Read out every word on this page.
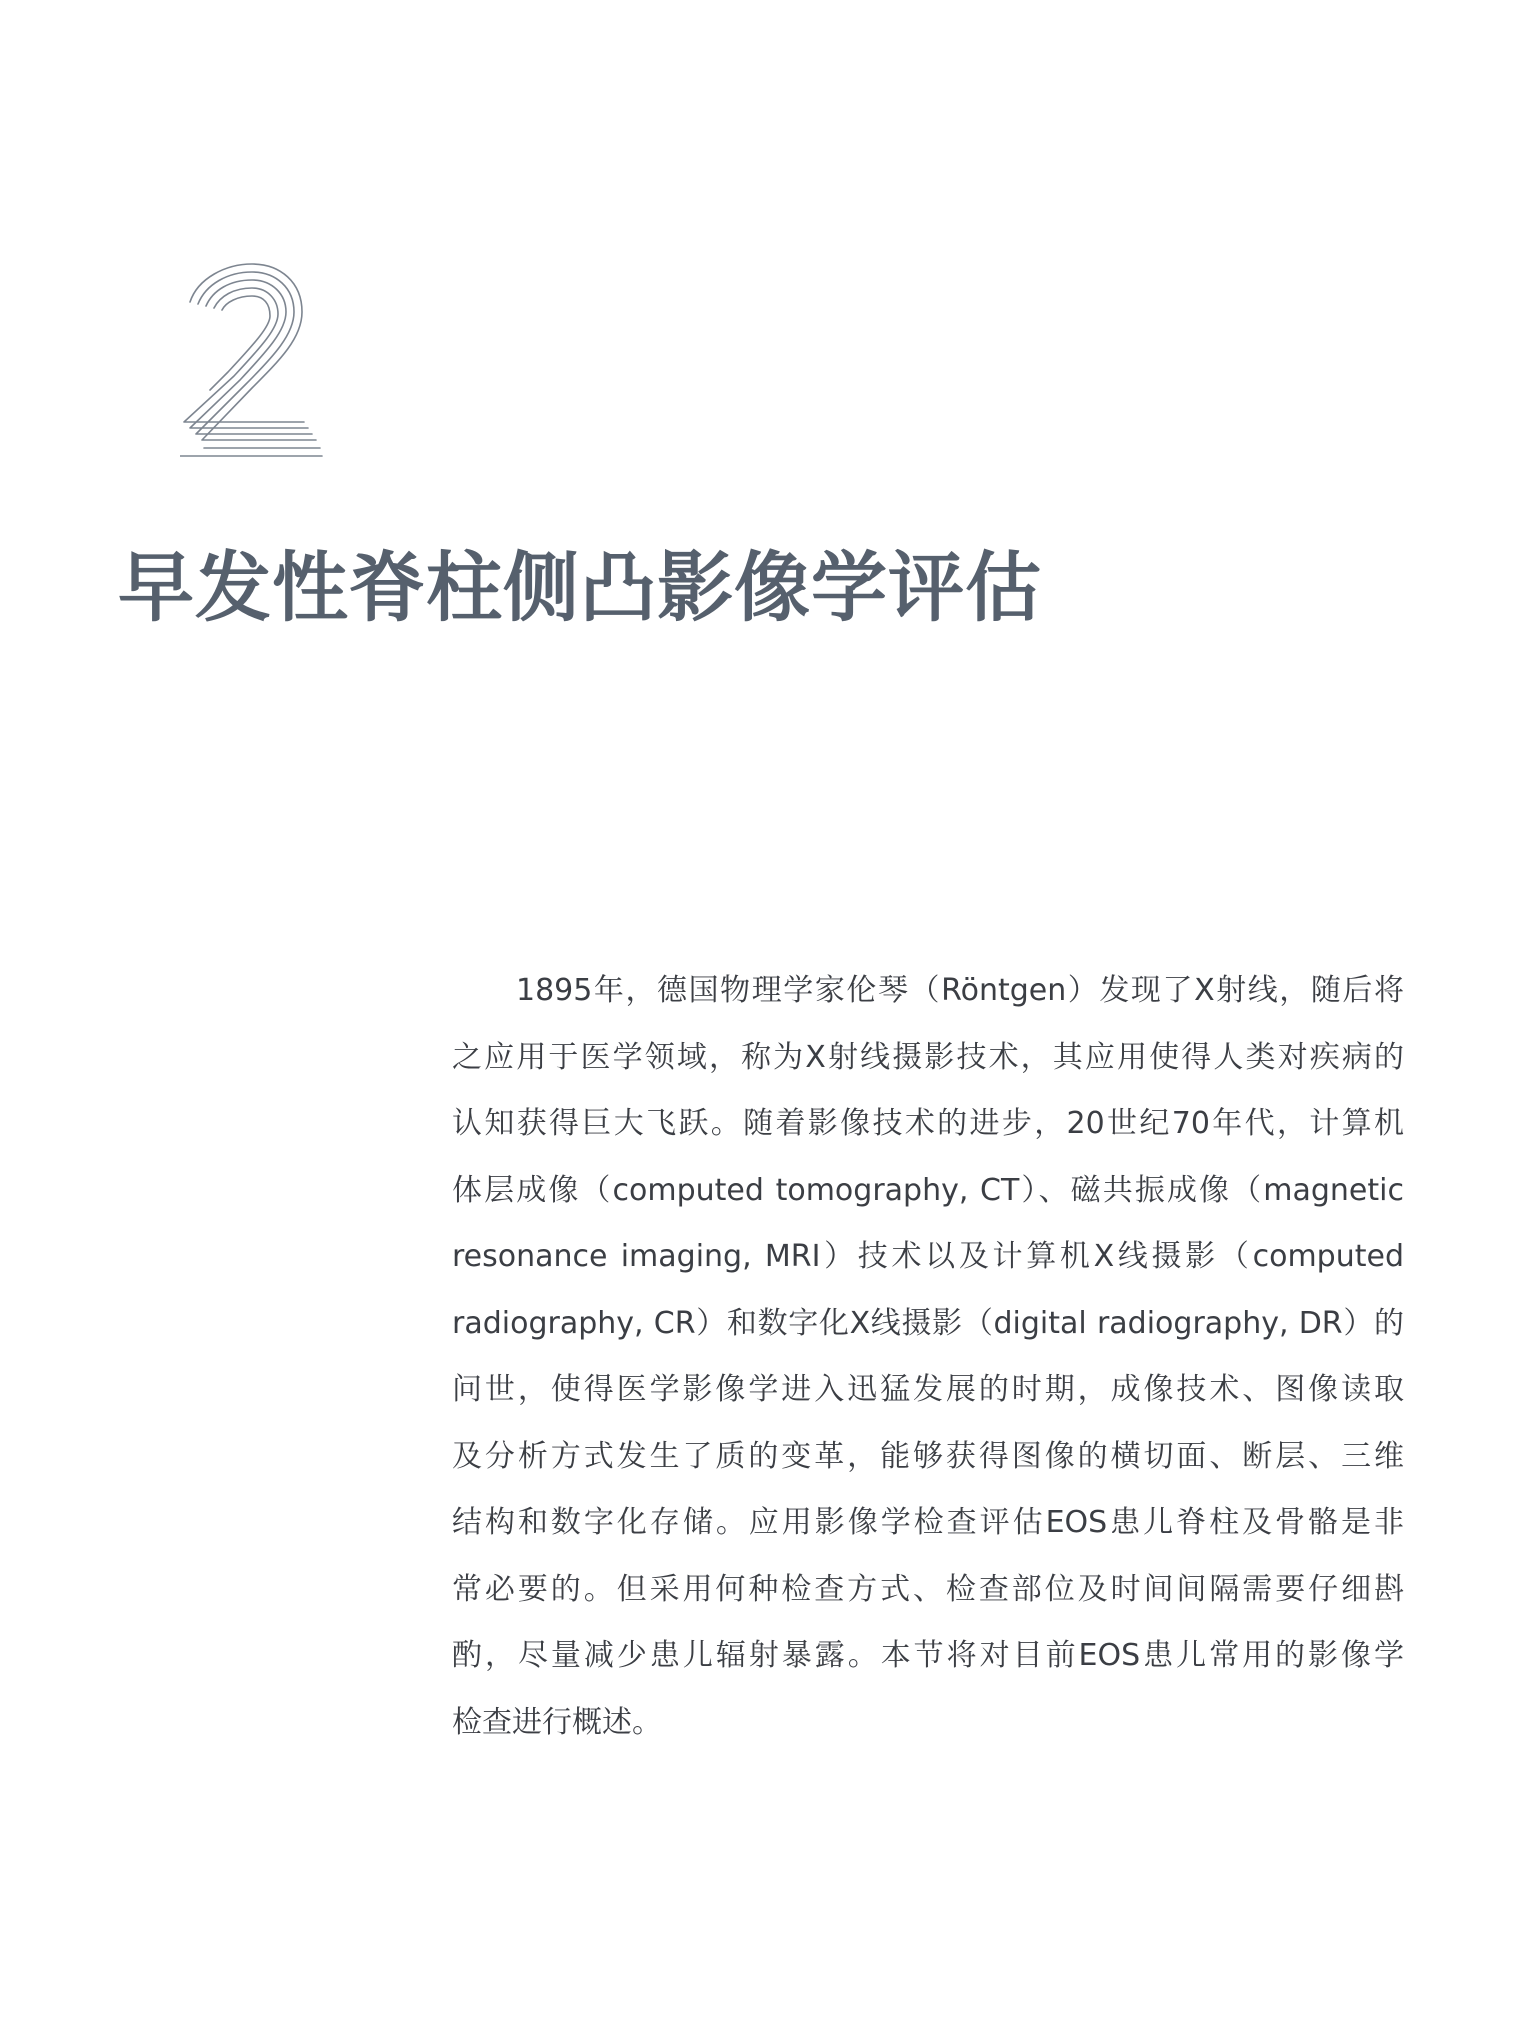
早发性脊柱侧凸影像学评估
1895年，德国物理学家伦琴（Röntgen）发现了X射线，随后将
之应用于医学领域，称为X射线摄影技术，其应用使得人类对疾病的
认知获得巨大飞跃。随着影像技术的进步，20世纪70年代，计算机
体层成像（computed tomography, CT）、磁共振成像（magnetic
resonance imaging, MRI）技术以及计算机X线摄影（computed
radiography, CR）和数字化X线摄影（digital radiography, DR）的
问世，使得医学影像学进入迅猛发展的时期，成像技术、图像读取
及分析方式发生了质的变革，能够获得图像的横切面、断层、三维
结构和数字化存储。应用影像学检查评估EOS患儿脊柱及骨骼是非
常必要的。但采用何种检查方式、检查部位及时间间隔需要仔细斟
酌，尽量减少患儿辐射暴露。本节将对目前EOS患儿常用的影像学
检查进行概述。
